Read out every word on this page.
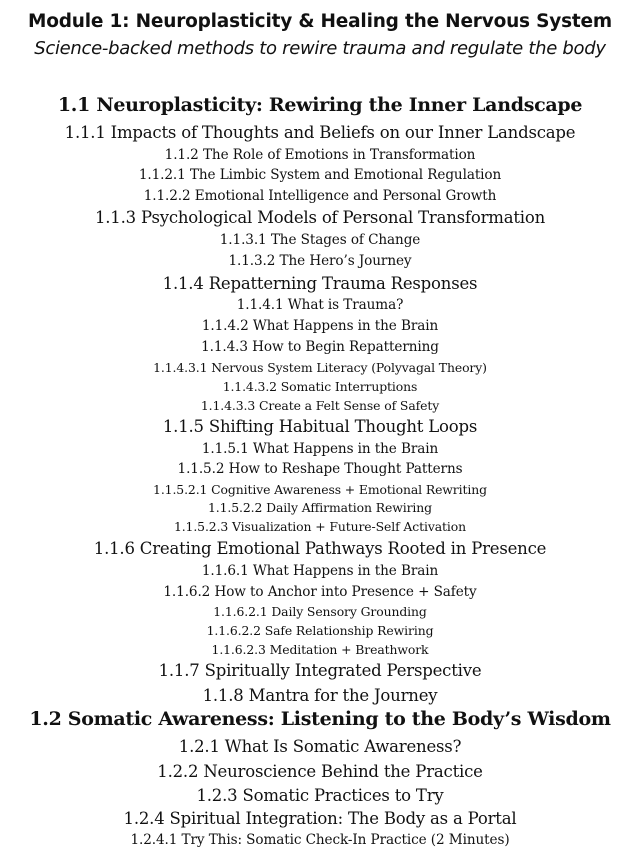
Module 1: Neuroplasticity & Healing the Nervous System
Science-backed methods to rewire trauma and regulate the body
1.1 Neuroplasticity: Rewiring the Inner Landscape
1.1.1 Impacts of Thoughts and Beliefs on our Inner Landscape
1.1.2 The Role of Emotions in Transformation
1.1.2.1 The Limbic System and Emotional Regulation
1.1.2.2 Emotional Intelligence and Personal Growth
1.1.3 Psychological Models of Personal Transformation
1.1.3.1 The Stages of Change
1.1.3.2 The Hero’s Journey
1.1.4 Repatterning Trauma Responses
1.1.4.1 What is Trauma?
1.1.4.2 What Happens in the Brain
1.1.4.3 How to Begin Repatterning
1.1.4.3.1 Nervous System Literacy (Polyvagal Theory)
1.1.4.3.2 Somatic Interruptions
1.1.4.3.3 Create a Felt Sense of Safety
1.1.5 Shifting Habitual Thought Loops
1.1.5.1 What Happens in the Brain
1.1.5.2 How to Reshape Thought Patterns
1.1.5.2.1 Cognitive Awareness + Emotional Rewriting
1.1.5.2.2 Daily Affirmation Rewiring
1.1.5.2.3 Visualization + Future-Self Activation
1.1.6 Creating Emotional Pathways Rooted in Presence
1.1.6.1 What Happens in the Brain
1.1.6.2 How to Anchor into Presence + Safety
1.1.6.2.1 Daily Sensory Grounding
1.1.6.2.2 Safe Relationship Rewiring
1.1.6.2.3 Meditation + Breathwork
1.1.7 Spiritually Integrated Perspective
1.1.8 Mantra for the Journey
1.2 Somatic Awareness: Listening to the Body’s Wisdom
1.2.1 What Is Somatic Awareness?
1.2.2 Neuroscience Behind the Practice
1.2.3 Somatic Practices to Try
1.2.4 Spiritual Integration: The Body as a Portal
1.2.4.1 Try This: Somatic Check-In Practice (2 Minutes)
